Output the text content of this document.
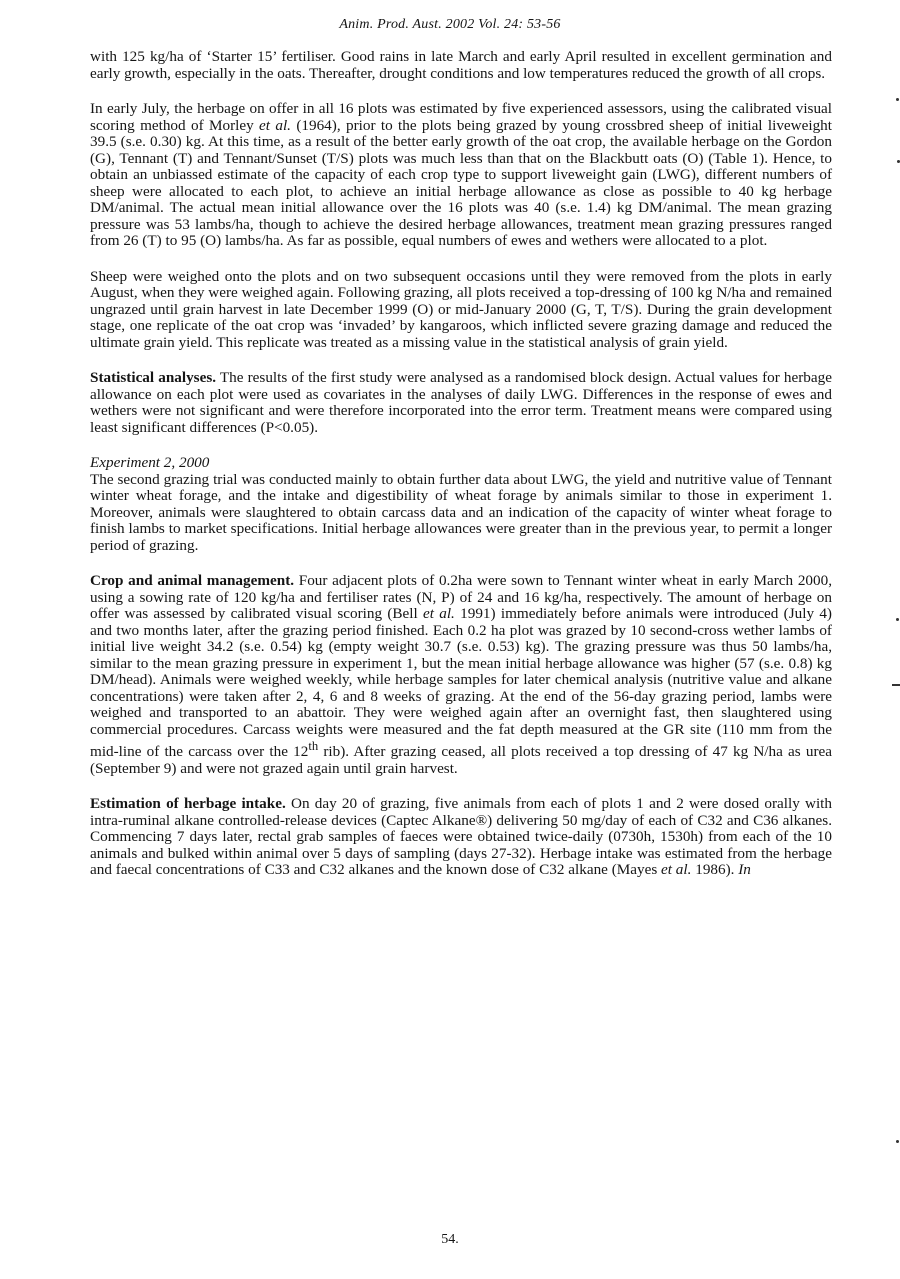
Anim. Prod. Aust. 2002 Vol. 24: 53-56

with 125 kg/ha of ‘Starter 15’ fertiliser. Good rains in late March and early April resulted in excellent germination and early growth, especially in the oats. Thereafter, drought conditions and low temperatures reduced the growth of all crops.

In early July, the herbage on offer in all 16 plots was estimated by five experienced assessors, using the calibrated visual scoring method of Morley et al. (1964), prior to the plots being grazed by young crossbred sheep of initial liveweight 39.5 (s.e. 0.30) kg. At this time, as a result of the better early growth of the oat crop, the available herbage on the Gordon (G), Tennant (T) and Tennant/Sunset (T/S) plots was much less than that on the Blackbutt oats (O) (Table 1). Hence, to obtain an unbiassed estimate of the capacity of each crop type to support liveweight gain (LWG), different numbers of sheep were allocated to each plot, to achieve an initial herbage allowance as close as possible to 40 kg herbage DM/animal. The actual mean initial allowance over the 16 plots was 40 (s.e. 1.4) kg DM/animal. The mean grazing pressure was 53 lambs/ha, though to achieve the desired herbage allowances, treatment mean grazing pressures ranged from 26 (T) to 95 (O) lambs/ha. As far as possible, equal numbers of ewes and wethers were allocated to a plot.

Sheep were weighed onto the plots and on two subsequent occasions until they were removed from the plots in early August, when they were weighed again. Following grazing, all plots received a top-dressing of 100 kg N/ha and remained ungrazed until grain harvest in late December 1999 (O) or mid-January 2000 (G, T, T/S). During the grain development stage, one replicate of the oat crop was ‘invaded’ by kangaroos, which inflicted severe grazing damage and reduced the ultimate grain yield. This replicate was treated as a missing value in the statistical analysis of grain yield.

Statistical analyses. The results of the first study were analysed as a randomised block design. Actual values for herbage allowance on each plot were used as covariates in the analyses of daily LWG. Differences in the response of ewes and wethers were not significant and were therefore incorporated into the error term. Treatment means were compared using least significant differences (P<0.05).

Experiment 2, 2000

The second grazing trial was conducted mainly to obtain further data about LWG, the yield and nutritive value of Tennant winter wheat forage, and the intake and digestibility of wheat forage by animals similar to those in experiment 1. Moreover, animals were slaughtered to obtain carcass data and an indication of the capacity of winter wheat forage to finish lambs to market specifications. Initial herbage allowances were greater than in the previous year, to permit a longer period of grazing.

Crop and animal management. Four adjacent plots of 0.2ha were sown to Tennant winter wheat in early March 2000, using a sowing rate of 120 kg/ha and fertiliser rates (N, P) of 24 and 16 kg/ha, respectively. The amount of herbage on offer was assessed by calibrated visual scoring (Bell et al. 1991) immediately before animals were introduced (July 4) and two months later, after the grazing period finished. Each 0.2 ha plot was grazed by 10 second-cross wether lambs of initial live weight 34.2 (s.e. 0.54) kg (empty weight 30.7 (s.e. 0.53) kg). The grazing pressure was thus 50 lambs/ha, similar to the mean grazing pressure in experiment 1, but the mean initial herbage allowance was higher (57 (s.e. 0.8) kg DM/head). Animals were weighed weekly, while herbage samples for later chemical analysis (nutritive value and alkane concentrations) were taken after 2, 4, 6 and 8 weeks of grazing. At the end of the 56-day grazing period, lambs were weighed and transported to an abattoir. They were weighed again after an overnight fast, then slaughtered using commercial procedures. Carcass weights were measured and the fat depth measured at the GR site (110 mm from the mid-line of the carcass over the 12th rib). After grazing ceased, all plots received a top dressing of 47 kg N/ha as urea (September 9) and were not grazed again until grain harvest.

Estimation of herbage intake. On day 20 of grazing, five animals from each of plots 1 and 2 were dosed orally with intra-ruminal alkane controlled-release devices (Captec Alkane®) delivering 50 mg/day of each of C32 and C36 alkanes. Commencing 7 days later, rectal grab samples of faeces were obtained twice-daily (0730h, 1530h) from each of the 10 animals and bulked within animal over 5 days of sampling (days 27-32). Herbage intake was estimated from the herbage and faecal concentrations of C33 and C32 alkanes and the known dose of C32 alkane (Mayes et al. 1986). In

54.
